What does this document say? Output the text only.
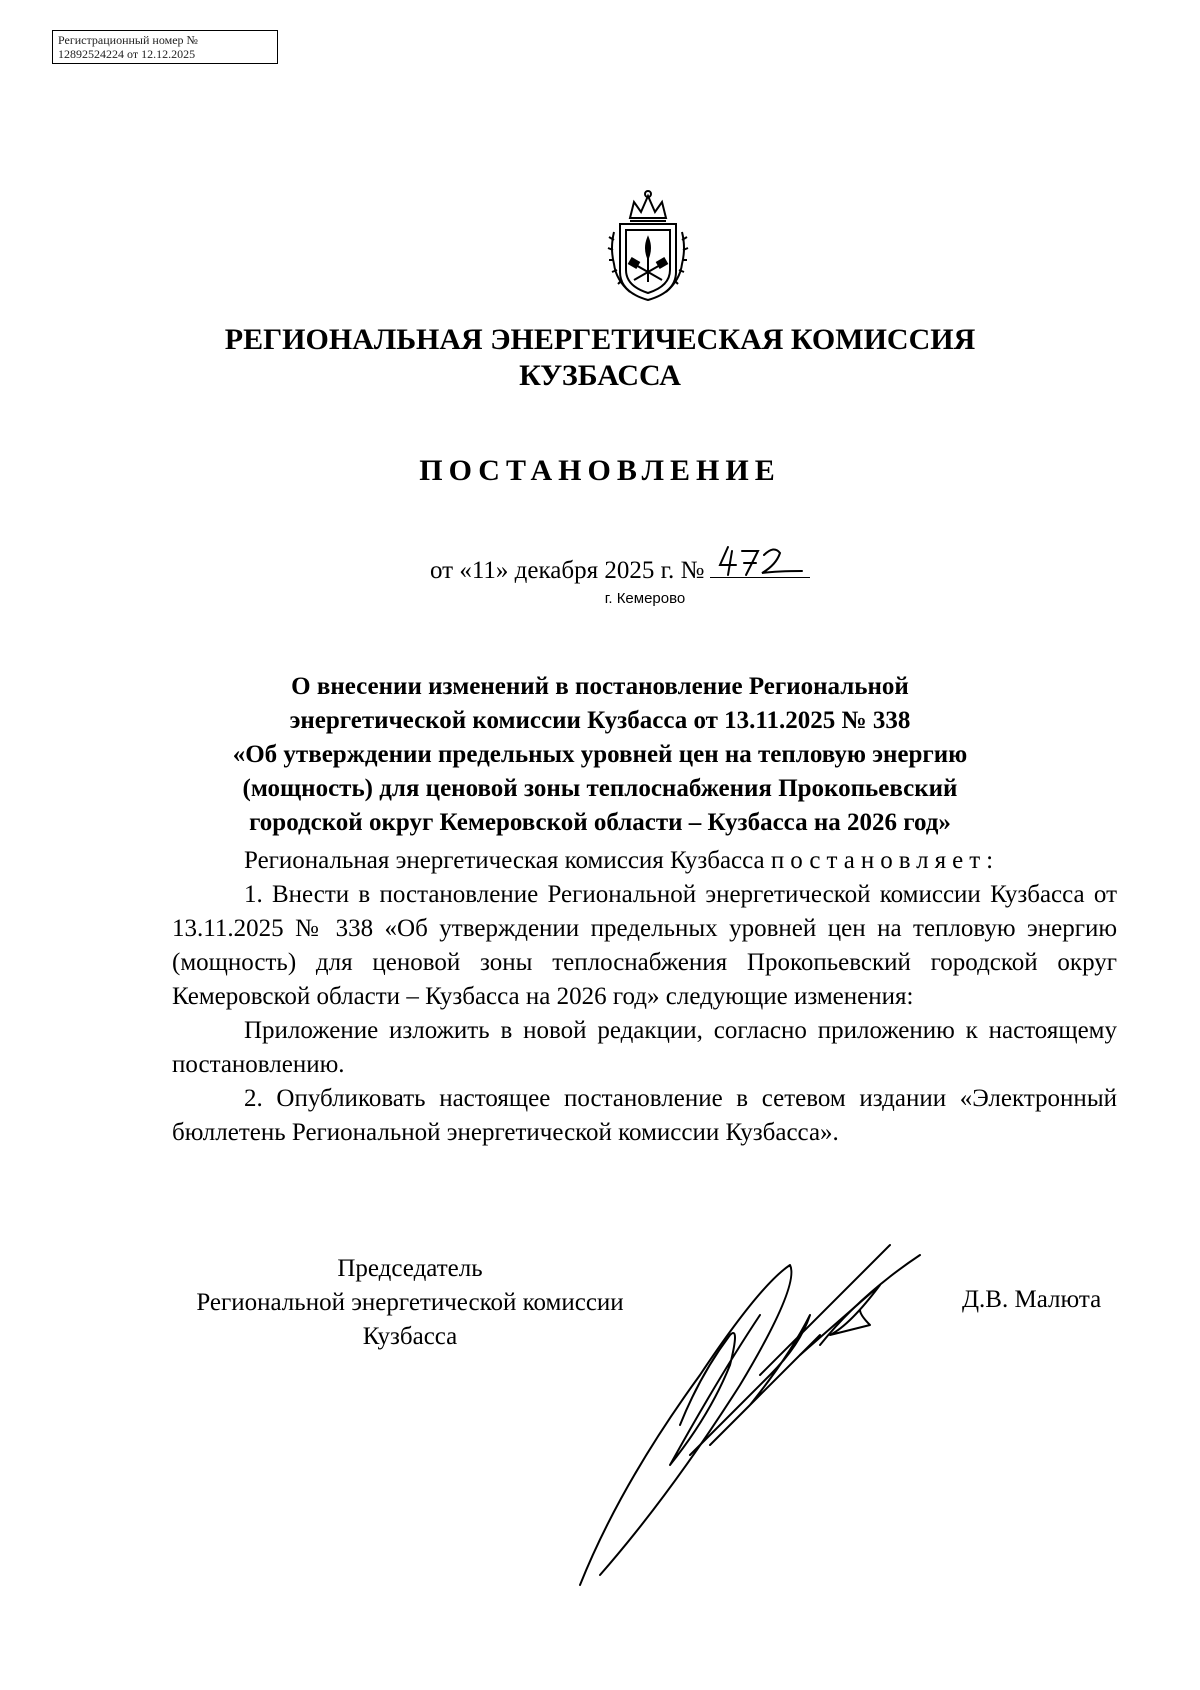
Регистрационный номер №
12892524224 от 12.12.2025
РЕГИОНАЛЬНАЯ ЭНЕРГЕТИЧЕСКАЯ КОМИССИЯ
КУЗБАССА
ПОСТАНОВЛЕНИЕ
от «11» декабря 2025 г. №
г. Кемерово
О внесении изменений в постановление Региональной
энергетической комиссии Кузбасса от 13.11.2025 № 338
«Об утверждении предельных уровней цен на тепловую энергию
(мощность) для ценовой зоны теплоснабжения Прокопьевский
городской округ Кемеровской области – Кузбасса на 2026 год»

Региональная энергетическая комиссия Кузбасса постановляет:

1. Внести в постановление Региональной энергетической комиссии Кузбасса от 13.11.2025 № 338 «Об утверждении предельных уровней цен на тепловую энергию (мощность) для ценовой зоны теплоснабжения Прокопьевский городской округ Кемеровской области – Кузбасса на 2026 год» следующие изменения:

Приложение изложить в новой редакции, согласно приложению к настоящему постановлению.

2. Опубликовать настоящее постановление в сетевом издании «Электронный бюллетень Региональной энергетической комиссии Кузбасса».

Председатель
Региональной энергетической комиссии
Кузбасса
Д.В. Малюта
